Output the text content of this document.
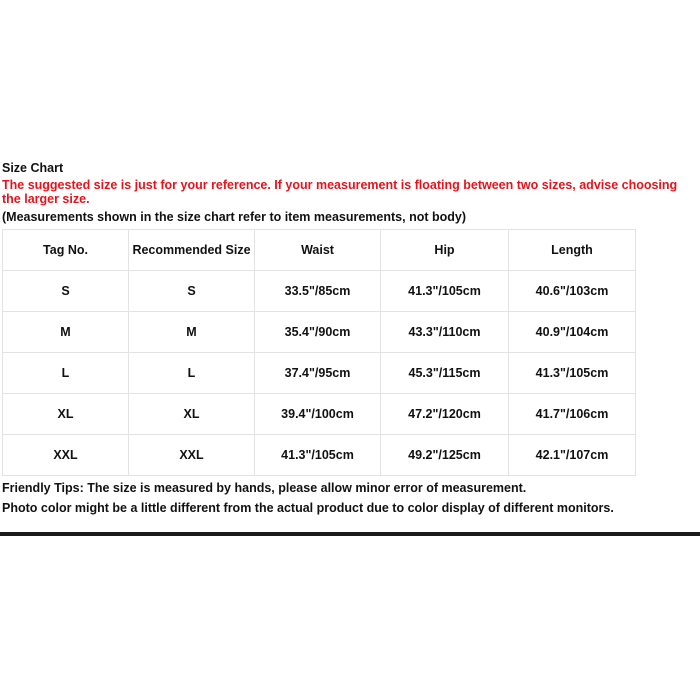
Size Chart
The suggested size is just for your reference. If your measurement is floating between two sizes, advise choosing
the larger size.
(Measurements shown in the size chart refer to item measurements, not body)
Tag No.	Recommended Size	Waist	Hip	Length
S	S	33.5"/85cm	41.3"/105cm	40.6"/103cm
M	M	35.4"/90cm	43.3"/110cm	40.9"/104cm
L	L	37.4"/95cm	45.3"/115cm	41.3"/105cm
XL	XL	39.4"/100cm	47.2"/120cm	41.7"/106cm
XXL	XXL	41.3"/105cm	49.2"/125cm	42.1"/107cm
Friendly Tips: The size is measured by hands, please allow minor error of measurement.
Photo color might be a little different from the actual product due to color display of different monitors.
